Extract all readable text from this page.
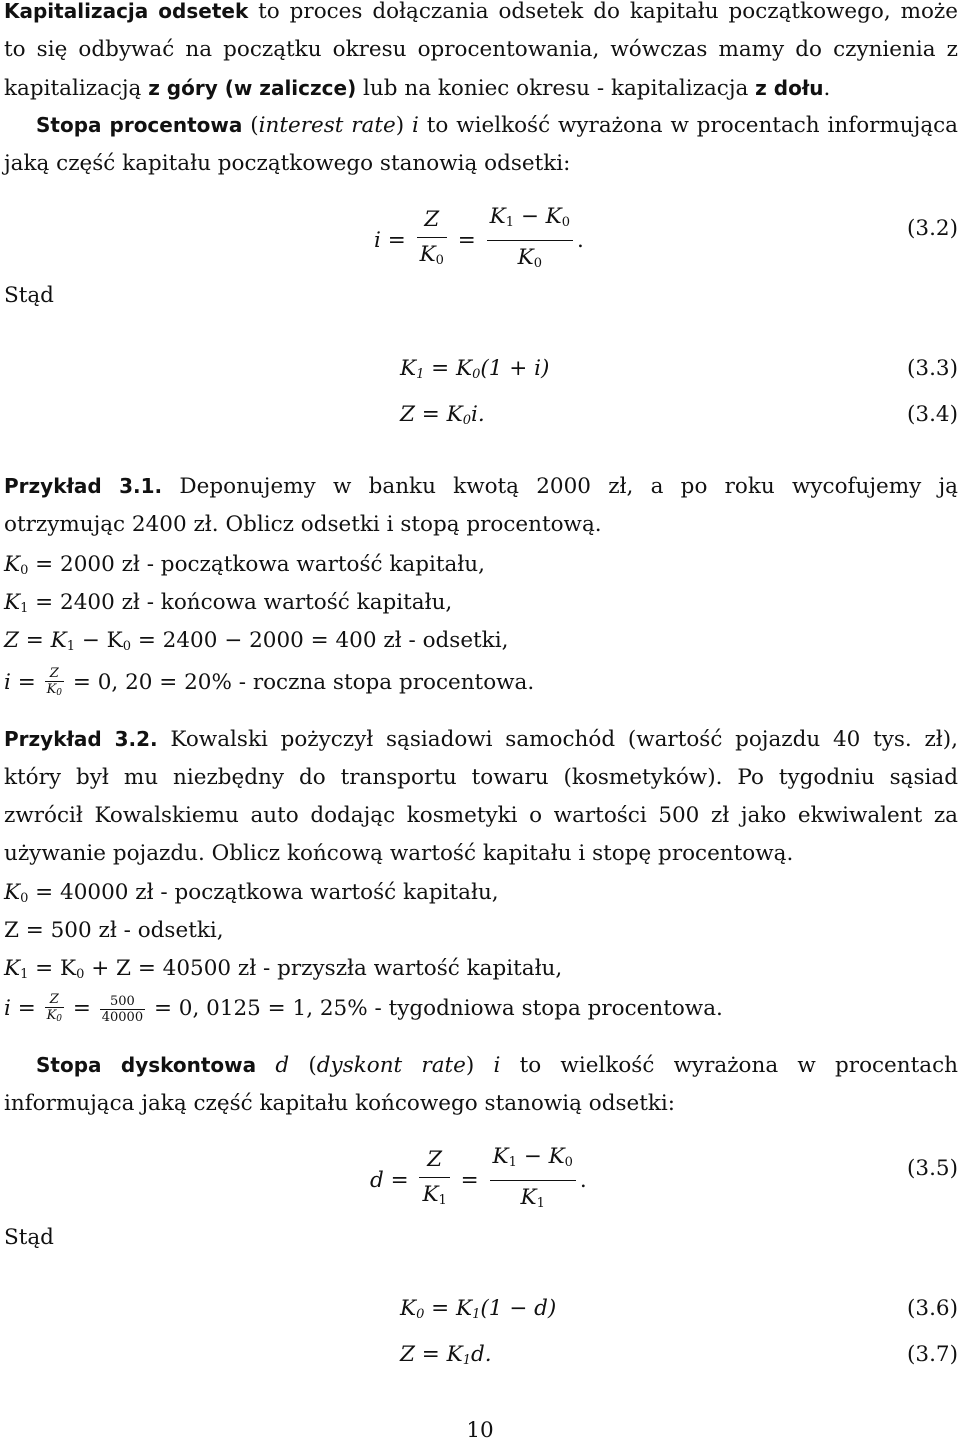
Kapitalizacja odsetek to proces dołączania odsetek do kapitału początkowego, może to się odbywać na początku okresu oprocentowania, wówczas mamy do czynienia z kapitalizacją z góry (w zaliczce) lub na koniec okresu - kapitalizacja z dołu.
Stopa procentowa (interest rate) i to wielkość wyrażona w procentach informująca jaką część kapitału początkowego stanowią odsetki:
$i = \frac{Z}{K_0} = \frac{K_1 - K_0}{K_0}$ .	(3.2)
Stąd
$K_1 = K_0(1 + i)$	(3.3)
$Z = K_0i$.	(3.4)
Przykład 3.1. Deponujemy w banku kwotą 2000 zł, a po roku wycofujemy ją otrzymując 2400 zł. Oblicz odsetki i stopą procentową.
$K_0 = 2000$ zł - początkowa wartość kapitału,
$K_1 = 2400$ zł - końcowa wartość kapitału,
$Z = K_1 - K_0 = 2400 - 2000 = 400$ zł - odsetki,
$i = \frac{Z}{K_0} = 0$, 20 = 20% - roczna stopa procentowa.
Przykład 3.2. Kowalski pożyczył sąsiadowi samochód (wartość pojazdu 40 tys. zł), który był mu niezbędny do transportu towaru (kosmetyków). Po tygodniu sąsiad zwrócił Kowalskiemu auto dodając kosmetyki o wartości 500 zł jako ekwiwalent za używanie pojazdu. Oblicz końcową wartość kapitału i stopę procentową.
$K_0 = 40000$ zł - początkowa wartość kapitału,
Z = 500 zł - odsetki,
$K_1 = K_0 + Z = 40500$ zł - przyszła wartość kapitału,
$i = \frac{Z}{K_0} = \frac{500}{40000} = 0$, 0125 = 1, 25% - tygodniowa stopa procentowa.
Stopa dyskontowa d (dyskont rate) i to wielkość wyrażona w procentach informująca jaką część kapitału końcowego stanowią odsetki:
$d = \frac{Z}{K_1} = \frac{K_1 - K_0}{K_1}$ .	(3.5)
Stąd
$K_0 = K_1(1 - d)$	(3.6)
$Z = K_1d$.	(3.7)
10
